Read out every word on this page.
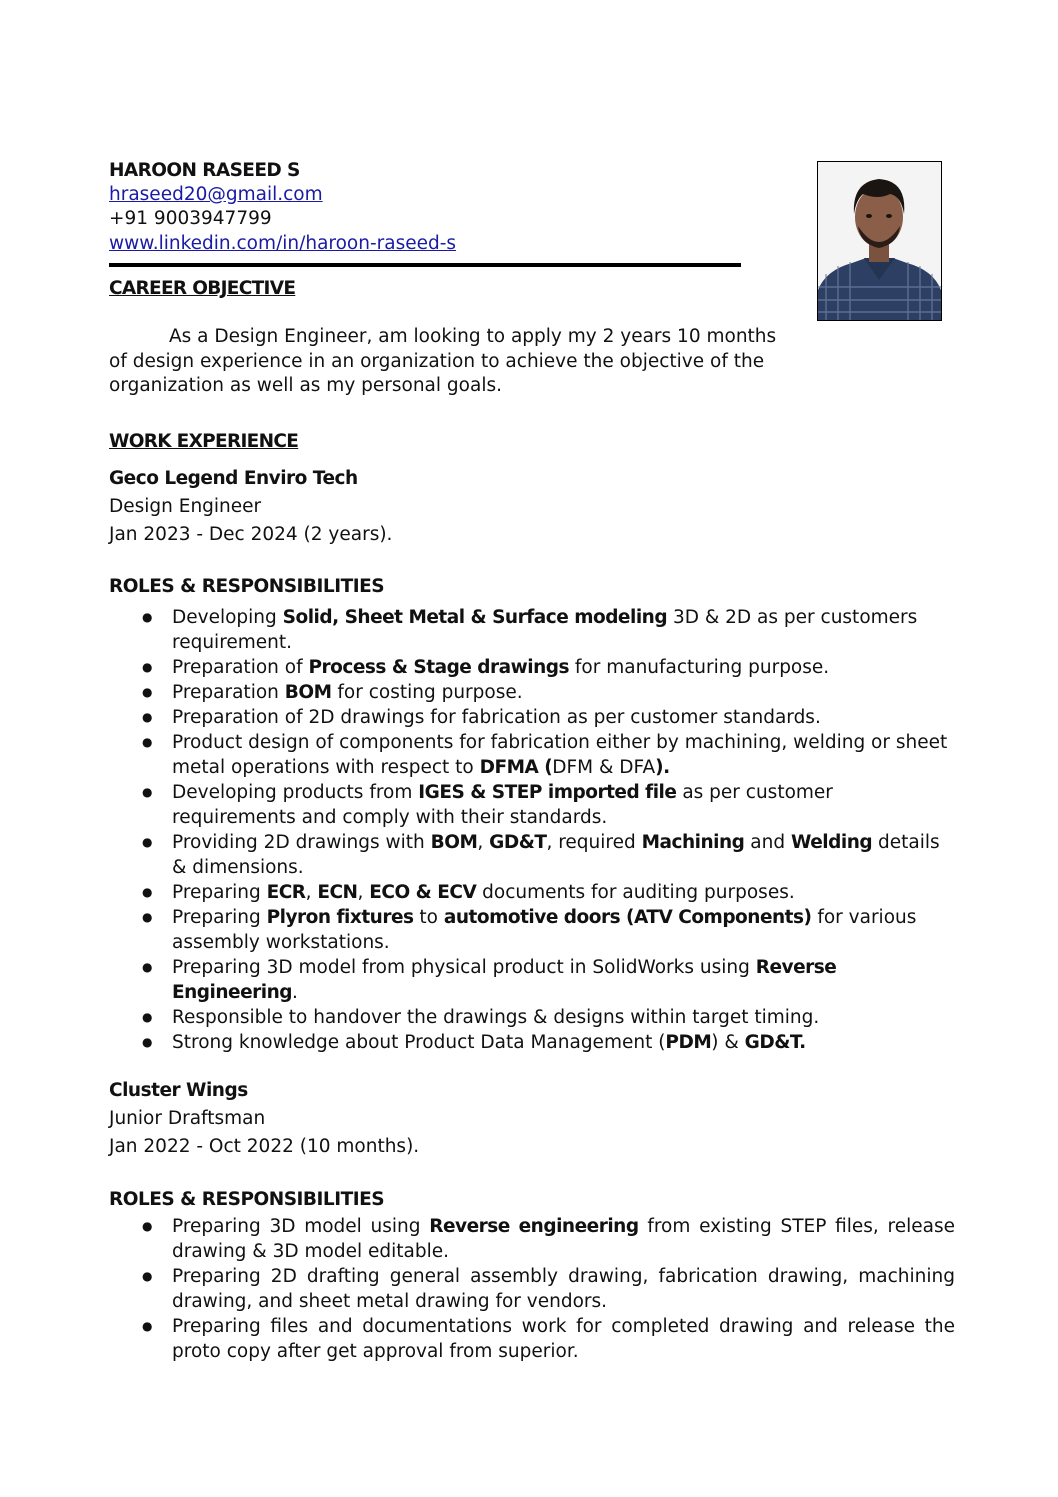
HAROON RASEED S
hraseed20@gmail.com
+91 9003947799
www.linkedin.com/in/haroon-raseed-s
CAREER OBJECTIVE
As a Design Engineer, am looking to apply my 2 years 10 months
of design experience in an organization to achieve the objective of the
organization as well as my personal goals.
WORK EXPERIENCE
Geco Legend Enviro Tech
Design Engineer
Jan 2023 - Dec 2024 (2 years).
ROLES & RESPONSIBILITIES
● Developing Solid, Sheet Metal & Surface modeling 3D & 2D as per customers requirement.
● Preparation of Process & Stage drawings for manufacturing purpose.
● Preparation BOM for costing purpose.
● Preparation of 2D drawings for fabrication as per customer standards.
● Product design of components for fabrication either by machining, welding or sheet metal operations with respect to DFMA (DFM & DFA).
● Developing products from IGES & STEP imported file as per customer requirements and comply with their standards.
● Providing 2D drawings with BOM, GD&T, required Machining and Welding details & dimensions.
● Preparing ECR, ECN, ECO & ECV documents for auditing purposes.
● Preparing Plyron fixtures to automotive doors (ATV Components) for various assembly workstations.
● Preparing 3D model from physical product in SolidWorks using Reverse Engineering.
● Responsible to handover the drawings & designs within target timing.
● Strong knowledge about Product Data Management (PDM) & GD&T.
Cluster Wings
Junior Draftsman
Jan 2022 - Oct 2022 (10 months).
ROLES & RESPONSIBILITIES
● Preparing 3D model using Reverse engineering from existing STEP files, release drawing & 3D model editable.
● Preparing 2D drafting general assembly drawing, fabrication drawing, machining drawing, and sheet metal drawing for vendors.
● Preparing files and documentations work for completed drawing and release the proto copy after get approval from superior.
